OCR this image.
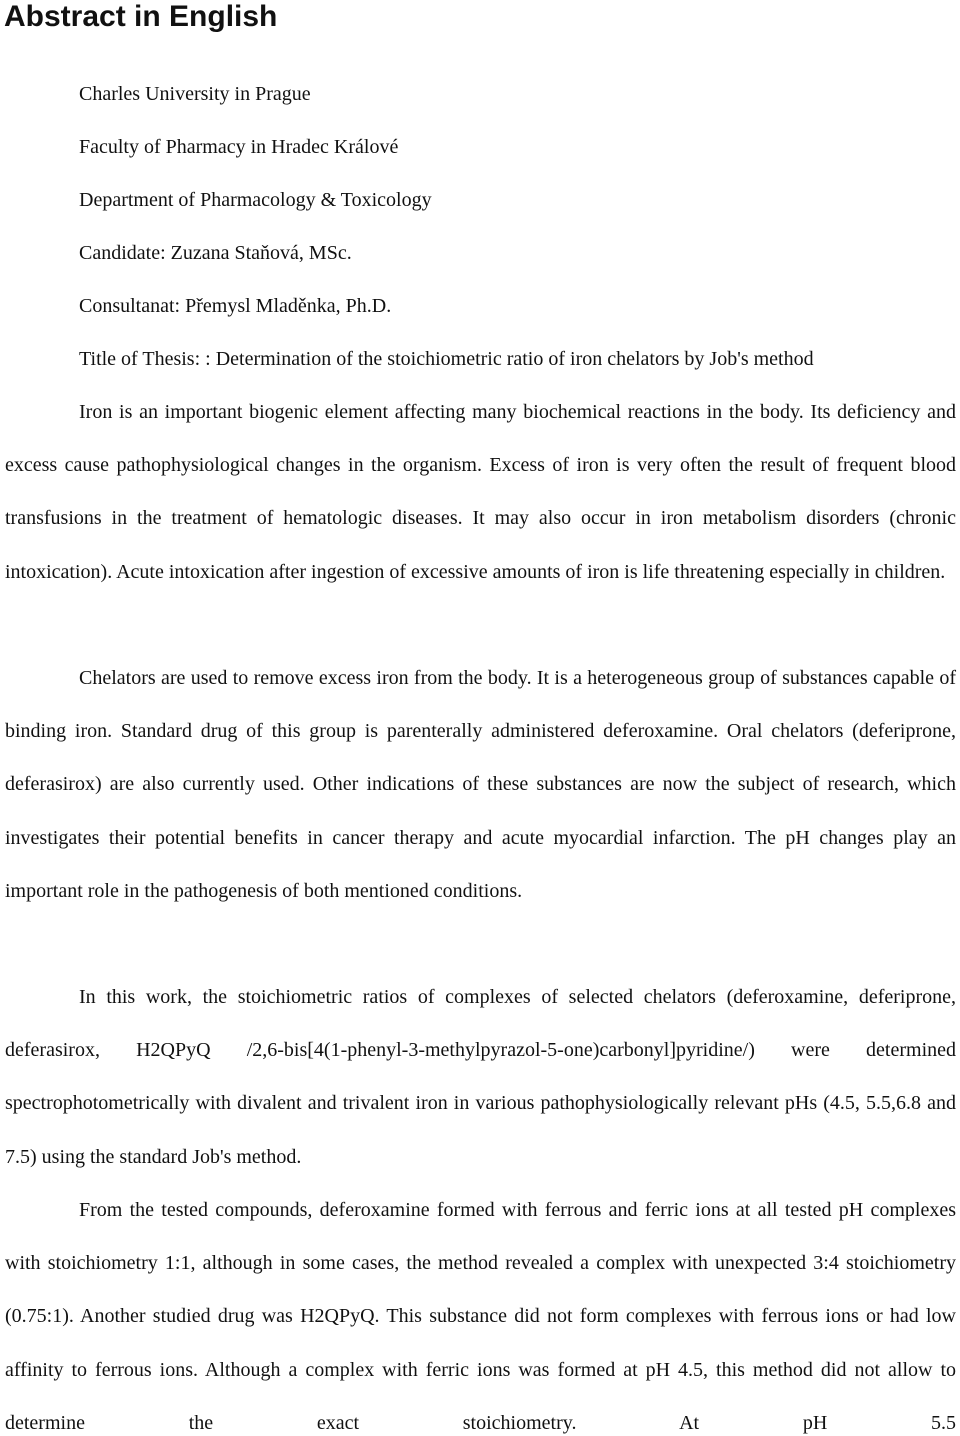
Abstract in English
Charles University in Prague
Faculty of Pharmacy in Hradec Králové
Department of Pharmacology & Toxicology
Candidate: Zuzana Staňová, MSc.
Consultanat: Přemysl Mladěnka, Ph.D.
Title of Thesis: : Determination of the stoichiometric ratio of iron chelators by Job's method

Iron is an important biogenic element affecting many biochemical reactions in the body. Its deficiency and excess cause pathophysiological changes in the organism. Excess of iron is very often the result of frequent blood transfusions in the treatment of hematologic diseases. It may also occur in iron metabolism disorders (chronic intoxication). Acute intoxication after ingestion of excessive amounts of iron is life threatening especially in children.

Chelators are used to remove excess iron from the body. It is a heterogeneous group of substances capable of binding iron. Standard drug of this group is parenterally administered deferoxamine. Oral chelators (deferiprone, deferasirox) are also currently used. Other indications of these substances are now the subject of research, which investigates their potential benefits in cancer therapy and acute myocardial infarction. The pH changes play an important role in the pathogenesis of both mentioned conditions.

In this work, the stoichiometric ratios of complexes of selected chelators (deferoxamine, deferiprone, deferasirox, H2QPyQ /2,6-bis[4(1-phenyl-3-methylpyrazol-5-one)carbonyl]pyridine/) were determined spectrophotometrically with divalent and trivalent iron in various pathophysiologically relevant pHs (4.5, 5.5,6.8 and 7.5) using the standard Job's method.

From the tested compounds, deferoxamine formed with ferrous and ferric ions at all tested pH complexes with stoichiometry 1:1, although in some cases, the method revealed a complex with unexpected 3:4 stoichiometry (0.75:1). Another studied drug was H2QPyQ. This substance did not form complexes with ferrous ions or had low affinity to ferrous ions. Although a complex with ferric ions was formed at pH 4.5, this method did not allow to determine the exact stoichiometry. At pH 5.5
